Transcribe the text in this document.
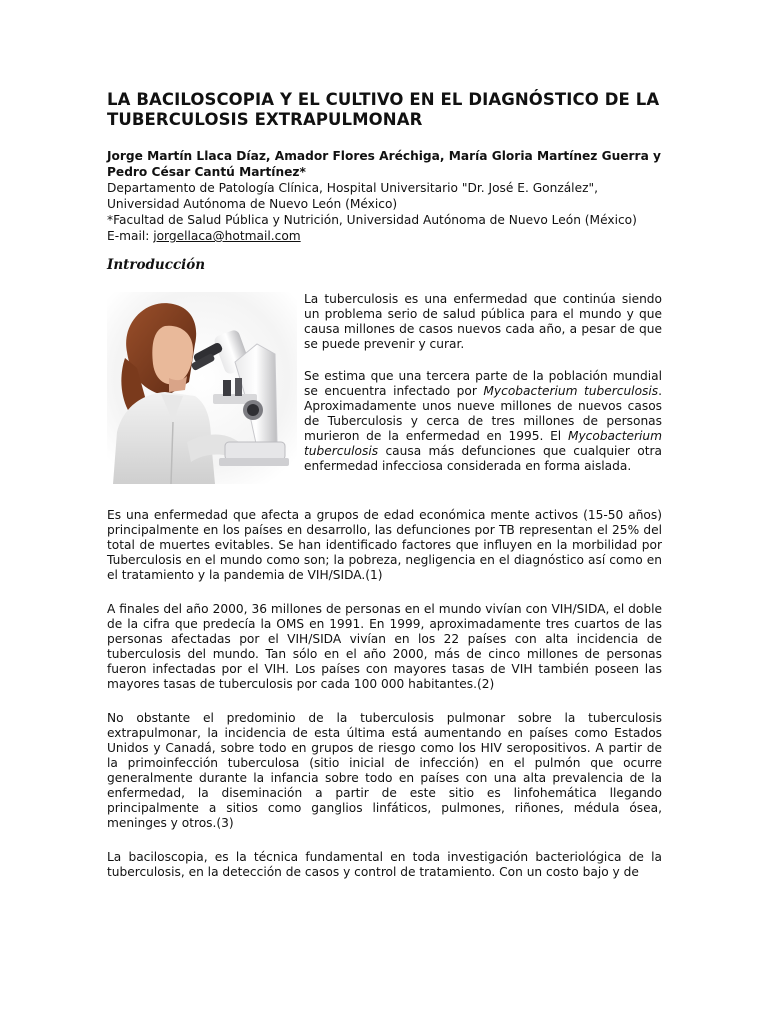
LA BACILOSCOPIA Y EL CULTIVO EN EL DIAGNÓSTICO DE LA TUBERCULOSIS EXTRAPULMONAR

Jorge Martín Llaca Díaz, Amador Flores Aréchiga, María Gloria Martínez Guerra y Pedro César Cantú Martínez*

Departamento de Patología Clínica, Hospital Universitario "Dr. José E. González",

Universidad Autónoma de Nuevo León (México)

*Facultad de Salud Pública y Nutrición, Universidad Autónoma de Nuevo León (México)

E-mail: jorgellaca@hotmail.com

Introducción

La tuberculosis es una enfermedad que continúa siendo un problema serio de salud pública para el mundo y que causa millones de casos nuevos cada año, a pesar de que se puede prevenir y curar.

Se estima que una tercera parte de la población mundial se encuentra infectado por Mycobacterium tuberculosis. Aproximadamente unos nueve millones de nuevos casos de Tuberculosis y cerca de tres millones de personas murieron de la enfermedad en 1995. El Mycobacterium tuberculosis causa más defunciones que cualquier otra enfermedad infecciosa considerada en forma aislada.

Es una enfermedad que afecta a grupos de edad económica mente activos (15-50 años) principalmente en los países en desarrollo, las defunciones por TB representan el 25% del total de muertes evitables. Se han identificado factores que influyen en la morbilidad por Tuberculosis en el mundo como son; la pobreza, negligencia en el diagnóstico así como en el tratamiento y la pandemia de VIH/SIDA.(1)

A finales del año 2000, 36 millones de personas en el mundo vivían con VIH/SIDA, el doble de la cifra que predecía la OMS en 1991. En 1999, aproximadamente tres cuartos de las personas afectadas por el VIH/SIDA vivían en los 22 países con alta incidencia de tuberculosis del mundo. Tan sólo en el año 2000, más de cinco millones de personas fueron infectadas por el VIH. Los países con mayores tasas de VIH también poseen las mayores tasas de tuberculosis por cada 100 000 habitantes.(2)

No obstante el predominio de la tuberculosis pulmonar sobre la tuberculosis extrapulmonar, la incidencia de esta última está aumentando en países como Estados Unidos y Canadá, sobre todo en grupos de riesgo como los HIV seropositivos. A partir de la primoinfección tuberculosa (sitio inicial de infección) en el pulmón que ocurre generalmente durante la infancia sobre todo en países con una alta prevalencia de la enfermedad, la diseminación a partir de este sitio es linfohemática llegando principalmente a sitios como ganglios linfáticos, pulmones, riñones, médula ósea, meninges y otros.(3)

La baciloscopia, es la técnica fundamental en toda investigación bacteriológica de la tuberculosis, en la detección de casos y control de tratamiento. Con un costo bajo y de
